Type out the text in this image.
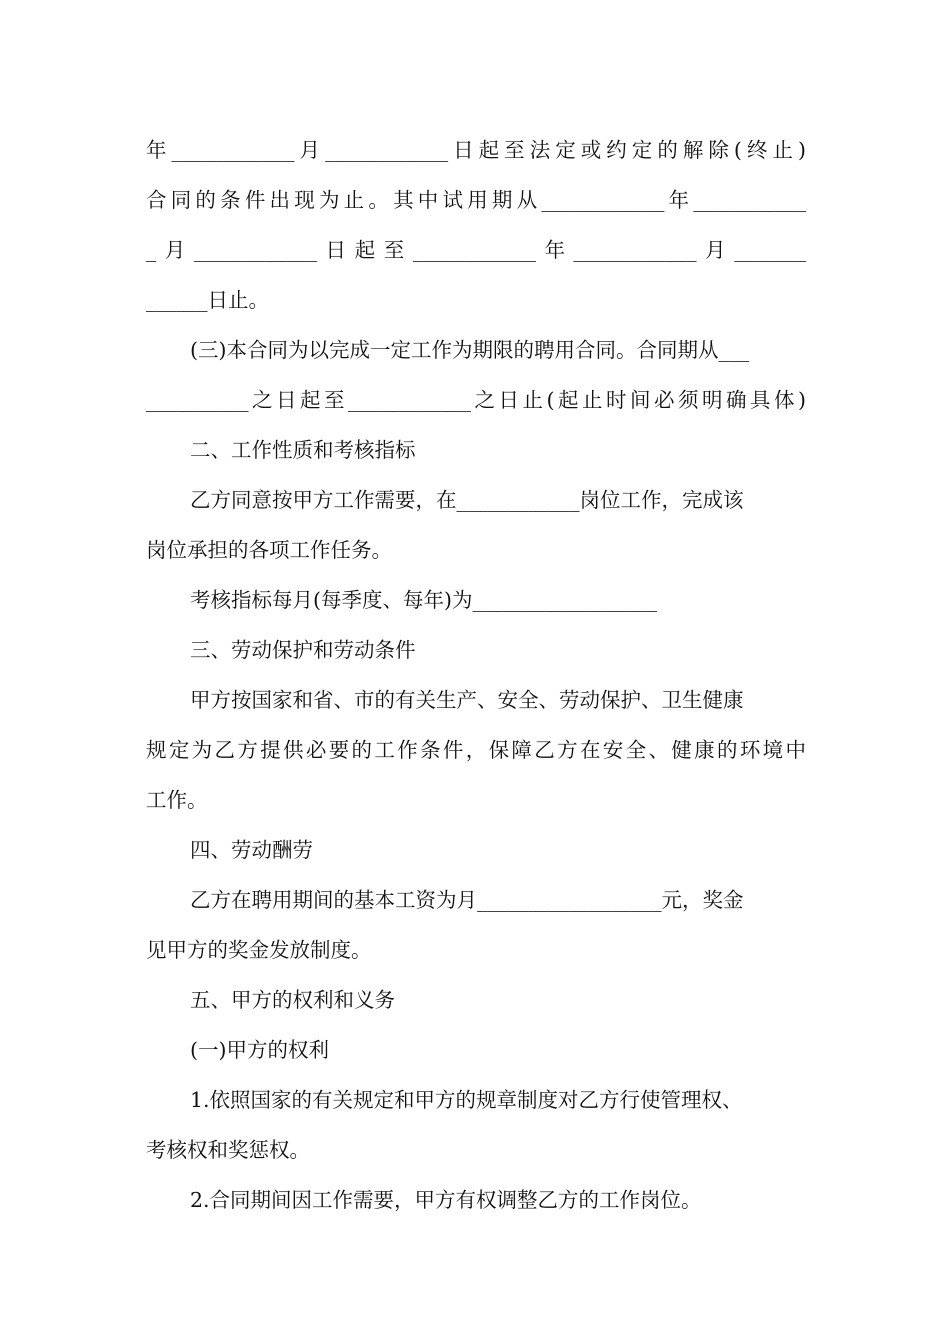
年____________月____________日起至法定或约定的解除(终止)
合同的条件出现为止。其中试用期从____________年___________
_月____________日起至____________年____________月_______
______日止。
(三)本合同为以完成一定工作为期限的聘用合同。合同期从___
__________之日起至____________之日止(起止时间必须明确具体)
二、工作性质和考核指标
乙方同意按甲方工作需要，在____________岗位工作，完成该
岗位承担的各项工作任务。
考核指标每月(每季度、每年)为__________________
三、劳动保护和劳动条件
甲方按国家和省、市的有关生产、安全、劳动保护、卫生健康
规定为乙方提供必要的工作条件，保障乙方在安全、健康的环境中
工作。
四、劳动酬劳
乙方在聘用期间的基本工资为月__________________元，奖金
见甲方的奖金发放制度。
五、甲方的权利和义务
(一)甲方的权利
1.依照国家的有关规定和甲方的规章制度对乙方行使管理权、
考核权和奖惩权。
2.合同期间因工作需要，甲方有权调整乙方的工作岗位。
